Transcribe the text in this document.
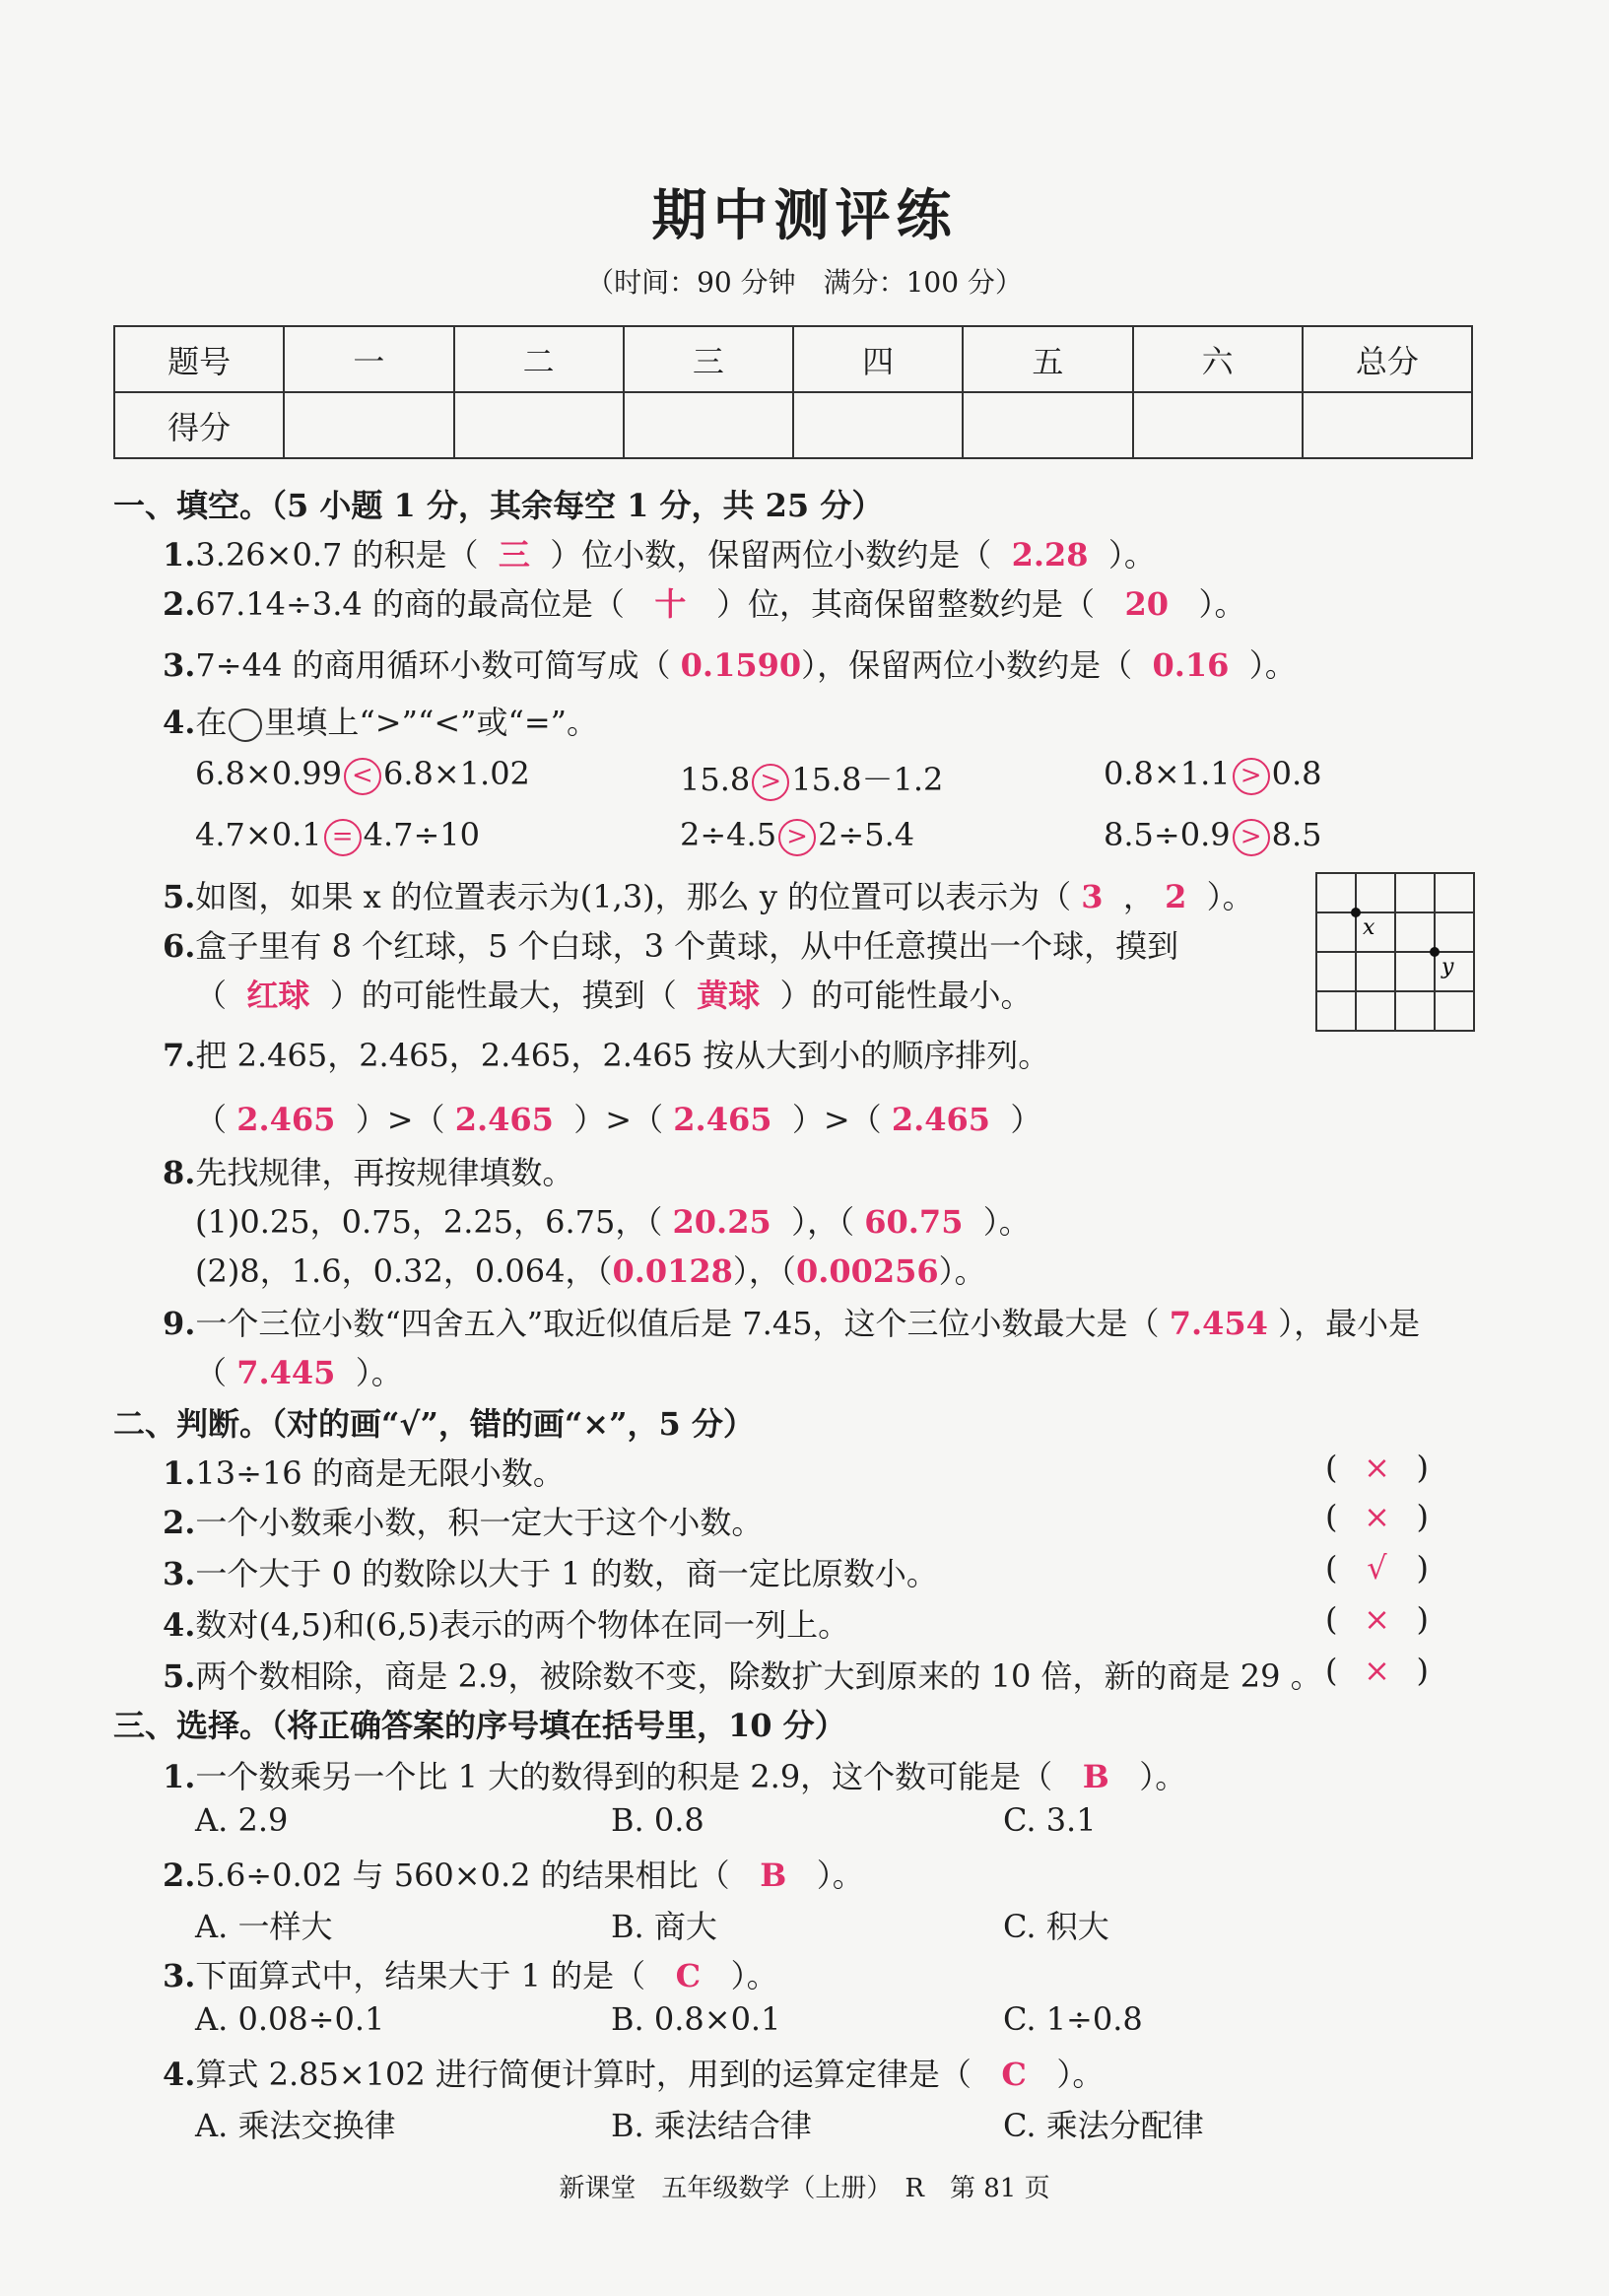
期中测评练
（时间：90 分钟　满分：100 分）
题号	一	二	三	四	五	六	总分
得分							
一、填空。（5 小题 1 分，其余每空 1 分，共 25 分）
1.3.26×0.7 的积是（ 三 ）位小数，保留两位小数约是（ 2.28 ）。
2.67.14÷3.4 的商的最高位是（ 十 ）位，其商保留整数约是（ 20 ）。
3.7÷44 的商用循环小数可简写成（ 0.1590），保留两位小数约是（ 0.16 ）。
4.在 里填上“>”“<”或“=”。
6.8×0.99 < 6.8×1.02	15.8 > 15.8－1.2	0.8×1.1 > 0.8
4.7×0.1 = 4.7÷10	2÷4.5 > 2÷5.4	8.5÷0.9 > 8.5
5.如图，如果 x 的位置表示为(1,3)，那么 y 的位置可以表示为（ 3 ， 2 ）。
x
y
6.盒子里有 8 个红球，5 个白球，3 个黄球，从中任意摸出一个球，摸到
（ 红球 ）的可能性最大，摸到（ 黄球 ）的可能性最小。
7.把 2.465，2.465，2.465，2.465 按从大到小的顺序排列。
（ 2.465 ）>（ 2.465 ）>（ 2.465 ）>（ 2.465 ）
8.先找规律，再按规律填数。
(1)0.25，0.75，2.25，6.75，（ 20.25 ），（ 60.75 ）。
(2)8，1.6，0.32，0.064，（0.0128），（0.00256）。
9.一个三位小数“四舍五入”取近似值后是 7.45，这个三位小数最大是（ 7.454 ），最小是
（ 7.445 ）。
二、判断。（对的画“√”，错的画“×”，5 分）
1.13÷16 的商是无限小数。	( × )
2.一个小数乘小数，积一定大于这个小数。	( × )
3.一个大于 0 的数除以大于 1 的数，商一定比原数小。	( √ )
4.数对(4,5)和(6,5)表示的两个物体在同一列上。	( × )
5.两个数相除，商是 2.9，被除数不变，除数扩大到原来的 10 倍，新的商是 29 。 ( × )
三、选择。（将正确答案的序号填在括号里，10 分）
1.一个数乘另一个比 1 大的数得到的积是 2.9，这个数可能是（ B ）。
A. 2.9	B. 0.8	C. 3.1
2.5.6÷0.02 与 560×0.2 的结果相比（ B ）。
A. 一样大	B. 商大	C. 积大
3.下面算式中，结果大于 1 的是（ C ）。
A. 0.08÷0.1	B. 0.8×0.1	C. 1÷0.8
4.算式 2.85×102 进行简便计算时，用到的运算定律是（ C ）。
A. 乘法交换律	B. 乘法结合律	C. 乘法分配律
新课堂　五年级数学（上册）　R　第 81 页
